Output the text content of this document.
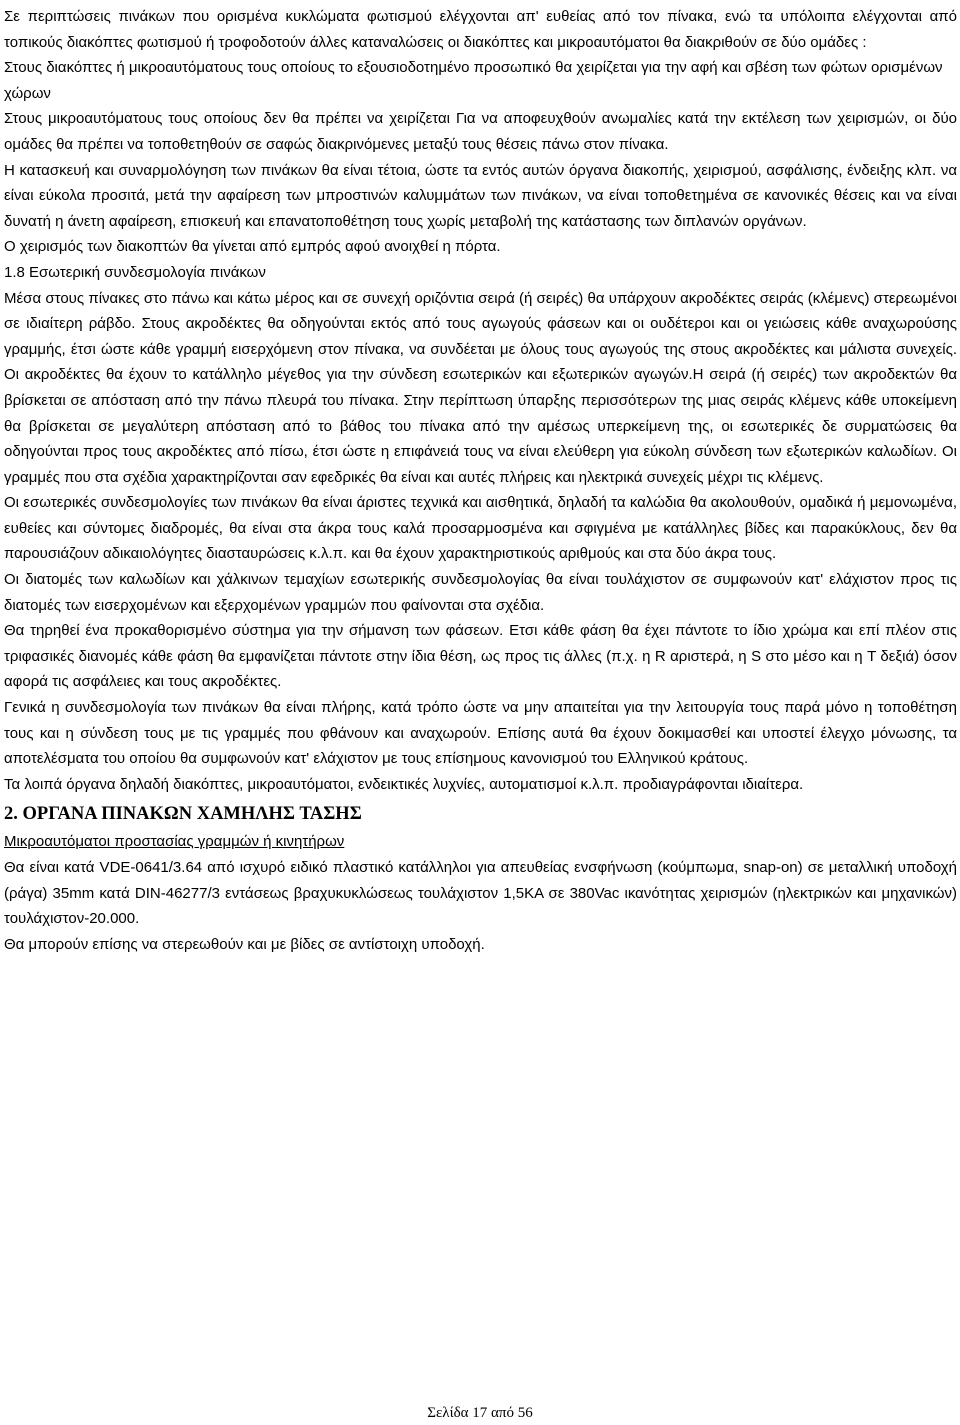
Σε περιπτώσεις πινάκων που ορισμένα κυκλώματα φωτισμού ελέγχονται απ' ευθείας από τον πίνακα, ενώ τα υπόλοιπα ελέγχονται από τοπικούς διακόπτες φωτισμού ή τροφοδοτούν άλλες καταναλώσεις οι διακόπτες και μικροαυτόματοι θα διακριθούν σε δύο ομάδες :

Στους διακόπτες ή μικροαυτόματους τους οποίους το εξουσιοδοτημένο προσωπικό θα χειρίζεται για την αφή και σβέση των φώτων ορισμένων χώρων

Στους μικροαυτόματους τους οποίους δεν θα πρέπει να χειρίζεται Για να αποφευχθούν ανωμαλίες κατά την εκτέλεση των χειρισμών, οι δύο ομάδες θα πρέπει να τοποθετηθούν σε σαφώς διακρινόμενες μεταξύ τους θέσεις πάνω στον πίνακα.

Η κατασκευή και συναρμολόγηση των πινάκων θα είναι τέτοια, ώστε τα εντός αυτών όργανα διακοπής, χειρισμού, ασφάλισης, ένδειξης κλπ. να είναι εύκολα προσιτά, μετά την αφαίρεση των μπροστινών καλυμμάτων των πινάκων, να είναι τοποθετημένα σε κανονικές θέσεις και να είναι δυνατή η άνετη αφαίρεση, επισκευή και επανατοποθέτηση τους χωρίς μεταβολή της κατάστασης των διπλανών οργάνων.

Ο χειρισμός των διακοπτών θα γίνεται από εμπρός αφού ανοιχθεί η πόρτα.

1.8 Εσωτερική συνδεσμολογία πινάκων

Μέσα στους πίνακες στο πάνω και κάτω μέρος και σε συνεχή οριζόντια σειρά (ή σειρές) θα υπάρχουν ακροδέκτες σειράς (κλέμενς) στερεωμένοι σε ιδιαίτερη ράβδο. Στους ακροδέκτες θα οδηγούνται εκτός από τους αγωγούς φάσεων και οι ουδέτεροι και οι γειώσεις κάθε αναχωρούσης γραμμής, έτσι ώστε κάθε γραμμή εισερχόμενη στον πίνακα, να συνδέεται με όλους τους αγωγούς της στους ακροδέκτες και μάλιστα συνεχείς. Οι ακροδέκτες θα έχουν το κατάλληλο μέγεθος για την σύνδεση εσωτερικών και εξωτερικών αγωγών.Η σειρά (ή σειρές) των ακροδεκτών θα βρίσκεται σε απόσταση από την πάνω πλευρά του πίνακα. Στην περίπτωση ύπαρξης περισσότερων της μιας σειράς κλέμενς κάθε υποκείμενη θα βρίσκεται σε μεγαλύτερη απόσταση από το βάθος του πίνακα από την αμέσως υπερκείμενη της, οι εσωτερικές δε συρματώσεις θα οδηγούνται προς τους ακροδέκτες από πίσω, έτσι ώστε η επιφάνειά τους να είναι ελεύθερη για εύκολη σύνδεση των εξωτερικών καλωδίων. Οι γραμμές που στα σχέδια χαρακτηρίζονται σαν εφεδρικές θα είναι και αυτές πλήρεις και ηλεκτρικά συνεχείς μέχρι τις κλέμενς.

Οι εσωτερικές συνδεσμολογίες των πινάκων θα είναι άριστες τεχνικά και αισθητικά, δηλαδή τα καλώδια θα ακολουθούν, ομαδικά ή μεμονωμένα, ευθείες και σύντομες διαδρομές, θα είναι στα άκρα τους καλά προσαρμοσμένα και σφιγμένα με κατάλληλες βίδες και παρακύκλους, δεν θα παρουσιάζουν αδικαιολόγητες διασταυρώσεις κ.λ.π. και θα έχουν χαρακτηριστικούς αριθμούς και στα δύο άκρα τους.

Οι διατομές των καλωδίων και χάλκινων τεμαχίων εσωτερικής συνδεσμολογίας θα είναι τουλάχιστον σε συμφωνούν κατ' ελάχιστον προς τις διατομές των εισερχομένων και εξερχομένων γραμμών που φαίνονται στα σχέδια.

Θα τηρηθεί ένα προκαθορισμένο σύστημα για την σήμανση των φάσεων. Ετσι κάθε φάση θα έχει πάντοτε το ίδιο χρώμα και επί πλέον στις τριφασικές διανομές κάθε φάση θα εμφανίζεται πάντοτε στην ίδια θέση, ως προς τις άλλες (π.χ. η R αριστερά, η S στο μέσο και η T δεξιά) όσον αφορά τις ασφάλειες και τους ακροδέκτες.

Γενικά η συνδεσμολογία των πινάκων θα είναι πλήρης, κατά τρόπο ώστε να μην απαιτείται για την λειτουργία τους παρά μόνο η τοποθέτηση τους και η σύνδεση τους με τις γραμμές που φθάνουν και αναχωρούν. Επίσης αυτά θα έχουν δοκιμασθεί και υποστεί έλεγχο μόνωσης, τα αποτελέσματα του οποίου θα συμφωνούν κατ' ελάχιστον με τους επίσημους κανονισμού του Ελληνικού κράτους.

Τα λοιπά όργανα δηλαδή διακόπτες, μικροαυτόματοι, ενδεικτικές λυχνίες, αυτοματισμοί κ.λ.π. προδιαγράφονται ιδιαίτερα.

2. ΟΡΓΑΝΑ ΠΙΝΑΚΩΝ ΧΑΜΗΛΗΣ ΤΑΣΗΣ

Μικροαυτόματοι προστασίας γραμμών ή κινητήρων

Θα είναι κατά VDE-0641/3.64 από ισχυρό ειδικό πλαστικό κατάλληλοι για απευθείας ενσφήνωση (κούμπωμα, snap-on) σε μεταλλική υποδοχή (ράγα) 35mm κατά DIN-46277/3 εντάσεως βραχυκυκλώσεως τουλάχιστον 1,5ΚΑ σε 380Vac ικανότητας χειρισμών (ηλεκτρικών και μηχανικών) τουλάχιστον-20.000.

Θα μπορούν επίσης να στερεωθούν και με βίδες σε αντίστοιχη υποδοχή.

Σελίδα 17 από 56
